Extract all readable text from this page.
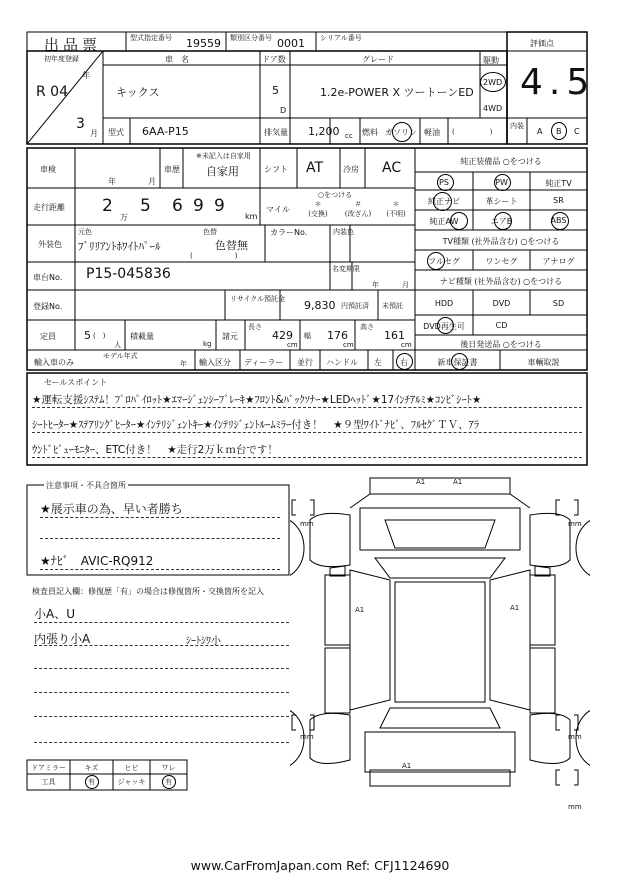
出品票	型式指定番号 19559 類別区分番号 0001 シリアル番号
評価点
4.5
初年度登録
年
R 04
3
月
車　名
キックス
ドア数
5
D
グレード
1.2e-POWER X ツートーンED
駆動
2WD
4WD
型式 6AA-P15	排気量 1,200 cc 燃料 ガソリン 軽油 (　　　　　)
内装
A B C
車検
年	月
車歴
※未記入は自家用
自家用	シフト AT 冷房 AC
走行距離 2
万
5 6 9 9
km
○をつける
マイル
＊
(交換)
＃
(改ざん)
＊
(不明)
外装色
元色
ﾌﾞﾘﾘｱﾝﾄﾎﾜｲﾄﾊﾟｰﾙ
色替
色替無
(　　　　　　)
カラーNo.	内装色
車台No. P15-045836	名変期限
年	月
登録No.
リサイクル預託金 9,830 円預託済 未預託
定員	5 (　)
人
積載量
kg
諸元
長さ
429
cm
幅 176
cm
高さ
161
cm
輸入車のみ
モデル年式
年 輸入区分 ディーラー 並行 ハンドル 左 右
純正装備品 ○をつける
PS	PW	純正TV
純正ナビ	革シート	SR
純正AW	エアB	ABS
TV種類 (社外品含む) ○をつける
フルセグ	ワンセグ	アナログ
ナビ種類 (社外品含む) ○をつける
HDD	DVD	SD
DVD再生可	CD
後日発送品 ○をつける
新車保証書	車輌取説
セールスポイント
★運転支援ｼｽﾃﾑ！ﾌﾟﾛﾊﾟｲﾛｯﾄ★ｴﾏｰｼﾞｪﾝｼｰﾌﾞﾚｰｷ★ﾌﾛﾝﾄ&ﾊﾞｯｸｿﾅｰ★LEDﾍｯﾄﾞ★17ｲﾝﾁｱﾙﾐ★ｺﾝﾋﾞｼｰﾄ★
ｼｰﾄﾋｰﾀｰ★ｽﾃｱﾘﾝｸﾞﾋｰﾀｰ★ｲﾝﾃﾘｼﾞｪﾝﾄｷｰ★ｲﾝﾃﾘｼﾞｪﾝﾄﾙｰﾑﾐﾗｰ付き！　★９型ﾜｲﾄﾞﾅﾋﾞ、ﾌﾙｾｸﾞＴＶ、ｱﾗ
ｳﾝﾄﾞﾋﾞｭｰﾓﾆﾀｰ、ETC付き！　★走行2万ｋｍ台です！
注意事項・不具合箇所
★展示車の為、早い者勝ち
★ﾅﾋﾞ　AVIC-RQ912
検査員記入欄：修復歴「有」の場合は修復箇所・交換箇所を記入
小A、U
内張り小A	ｼｰﾄｼﾜ小
ドアミラー	キズ	ヒビ	ワレ
工具	有	ジャッキ	有
A1	A1
A1	A1
A1
mm	mm
mm	mm
mm
www.CarFromJapan.com Ref: CFJ1124690
